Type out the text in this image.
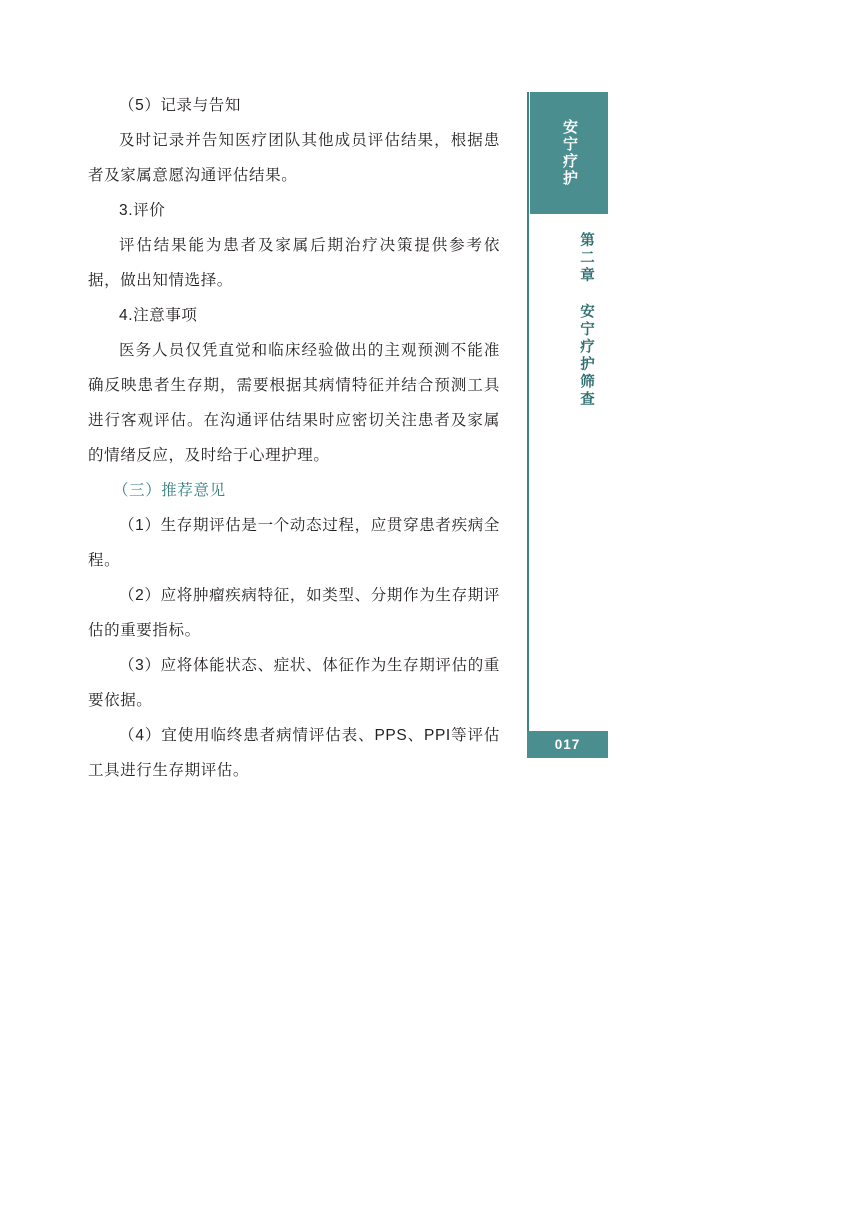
（5）记录与告知

及时记录并告知医疗团队其他成员评估结果，根据患者及家属意愿沟通评估结果。

3.评价

评估结果能为患者及家属后期治疗决策提供参考依据，做出知情选择。

4.注意事项

医务人员仅凭直觉和临床经验做出的主观预测不能准确反映患者生存期，需要根据其病情特征并结合预测工具进行客观评估。在沟通评估结果时应密切关注患者及家属的情绪反应，及时给于心理护理。

（三）推荐意见

（1）生存期评估是一个动态过程，应贯穿患者疾病全程。

（2）应将肿瘤疾病特征，如类型、分期作为生存期评估的重要指标。

（3）应将体能状态、症状、体征作为生存期评估的重要依据。

（4）宜使用临终患者病情评估表、PPS、PPI等评估工具进行生存期评估。

安宁疗护
第二章 安宁疗护筛查
017
